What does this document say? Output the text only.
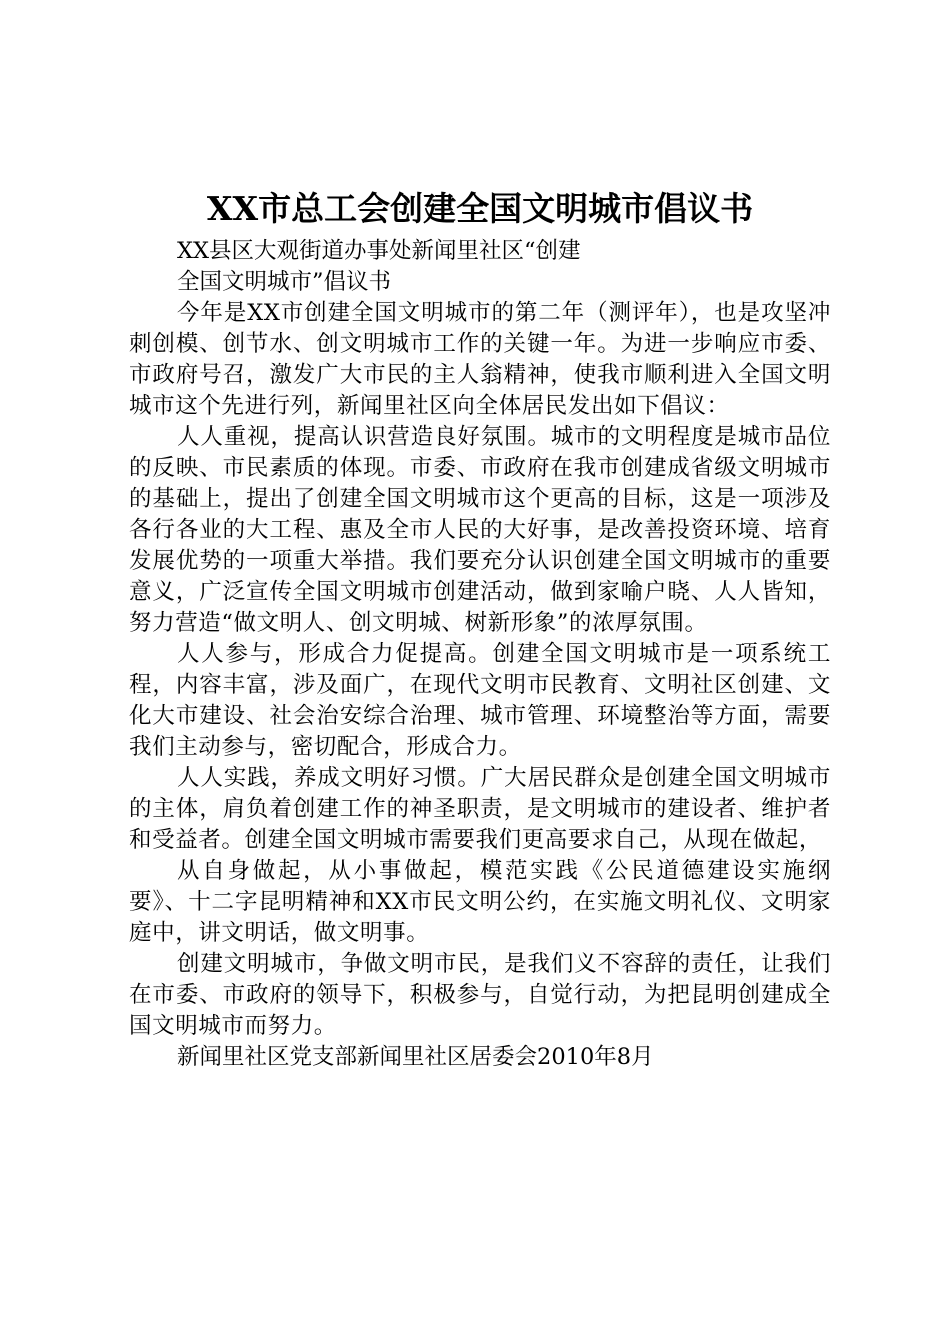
XX市总工会创建全国文明城市倡议书

XX县区大观街道办事处新闻里社区“创建

全国文明城市”倡议书

今年是XX市创建全国文明城市的第二年（测评年），也是攻坚冲刺创模、创节水、创文明城市工作的关键一年。为进一步响应市委、市政府号召，激发广大市民的主人翁精神，使我市顺利进入全国文明城市这个先进行列，新闻里社区向全体居民发出如下倡议：

人人重视，提高认识营造良好氛围。城市的文明程度是城市品位的反映、市民素质的体现。市委、市政府在我市创建成省级文明城市的基础上，提出了创建全国文明城市这个更高的目标，这是一项涉及各行各业的大工程、惠及全市人民的大好事，是改善投资环境、培育发展优势的一项重大举措。我们要充分认识创建全国文明城市的重要意义，广泛宣传全国文明城市创建活动，做到家喻户晓、人人皆知，努力营造“做文明人、创文明城、树新形象”的浓厚氛围。

人人参与，形成合力促提高。创建全国文明城市是一项系统工程，内容丰富，涉及面广，在现代文明市民教育、文明社区创建、文化大市建设、社会治安综合治理、城市管理、环境整治等方面，需要我们主动参与，密切配合，形成合力。

人人实践，养成文明好习惯。广大居民群众是创建全国文明城市的主体，肩负着创建工作的神圣职责，是文明城市的建设者、维护者和受益者。创建全国文明城市需要我们更高要求自己，从现在做起，

从自身做起，从小事做起，模范实践《公民道德建设实施纲要》、十二字昆明精神和XX市民文明公约，在实施文明礼仪、文明家庭中，讲文明话，做文明事。

创建文明城市，争做文明市民，是我们义不容辞的责任，让我们在市委、市政府的领导下，积极参与，自觉行动，为把昆明创建成全国文明城市而努力。

新闻里社区党支部新闻里社区居委会2010年8月
